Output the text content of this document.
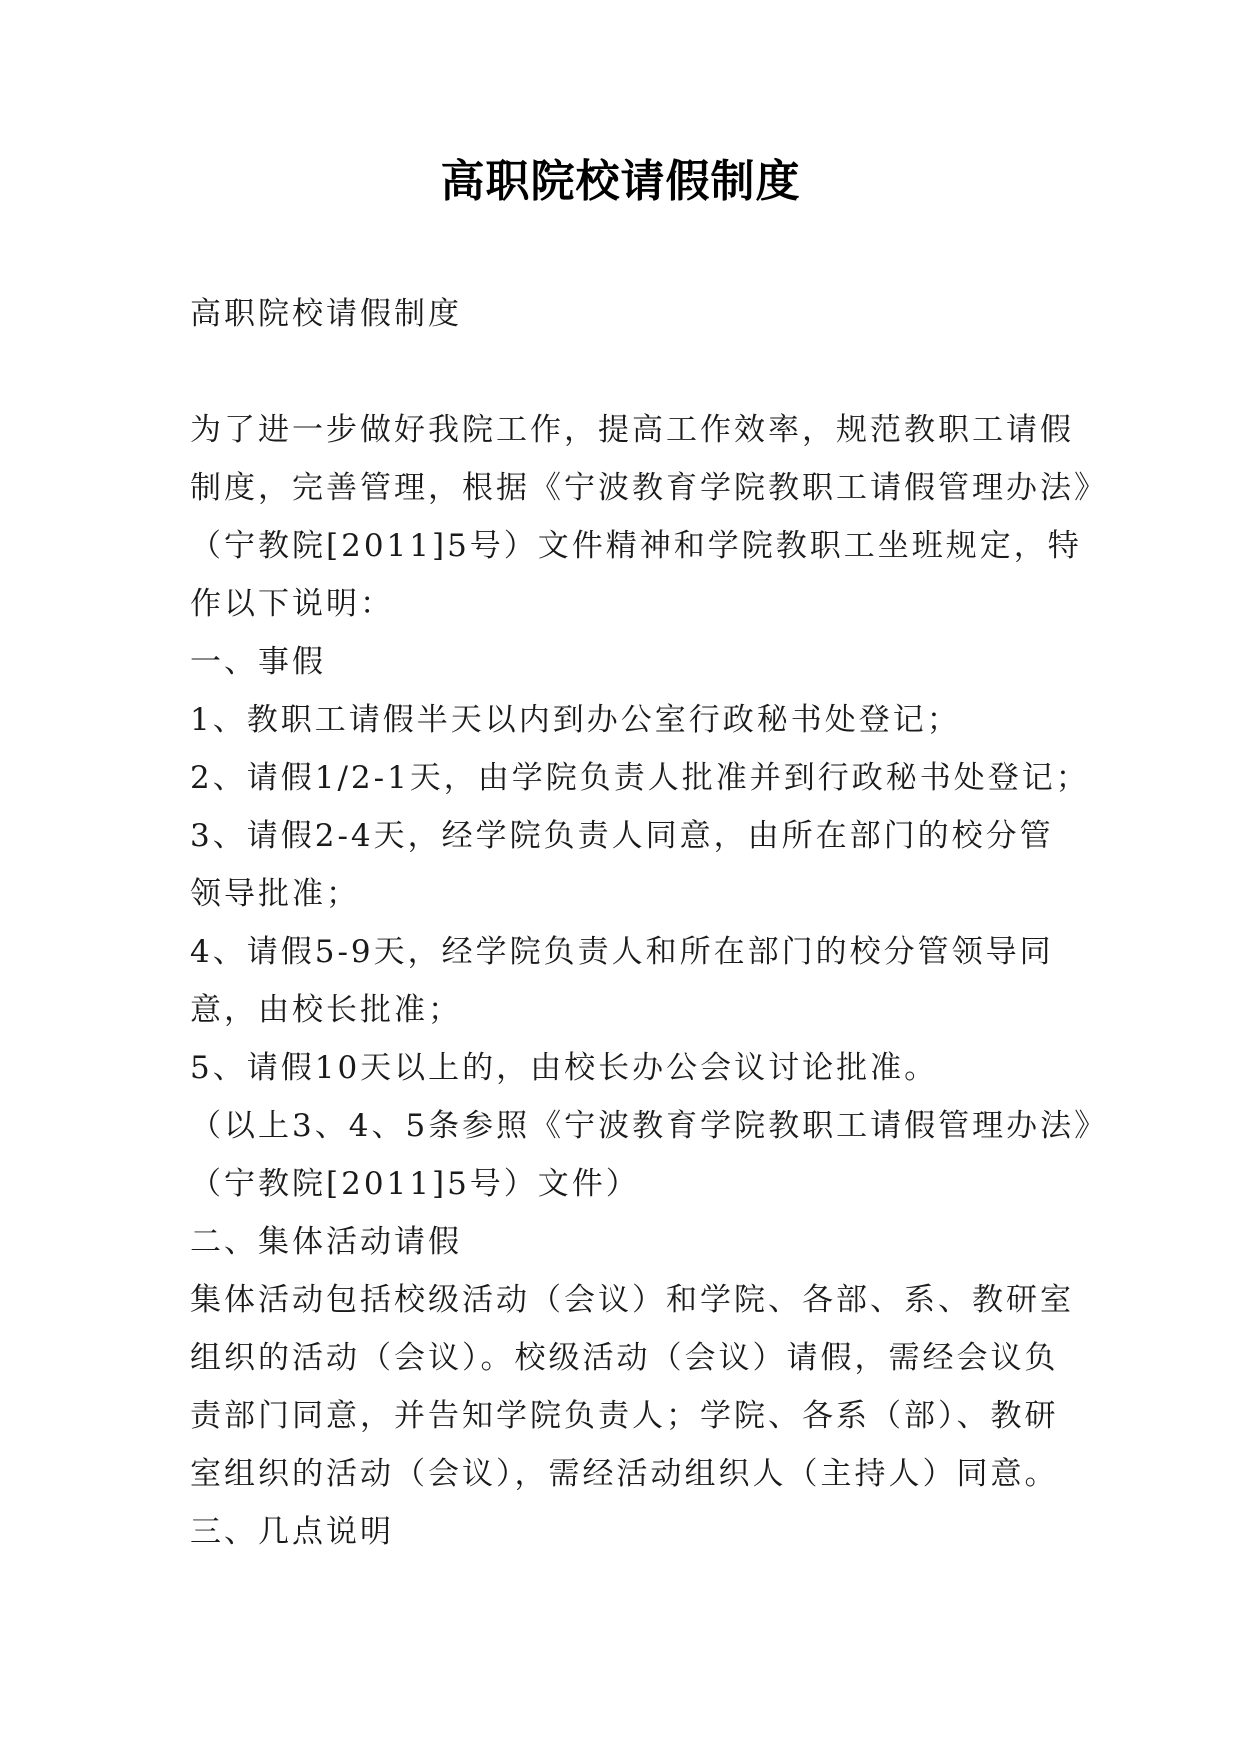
高职院校请假制度
高职院校请假制度
为了进一步做好我院工作，提高工作效率，规范教职工请假
制度，完善管理，根据《宁波教育学院教职工请假管理办法》
（宁教院[2011]5号）文件精神和学院教职工坐班规定，特
作以下说明：
一、事假
1、教职工请假半天以内到办公室行政秘书处登记；
2、请假1/2-1天，由学院负责人批准并到行政秘书处登记；
3、请假2-4天，经学院负责人同意，由所在部门的校分管
领导批准；
4、请假5-9天，经学院负责人和所在部门的校分管领导同
意，由校长批准；
5、请假10天以上的，由校长办公会议讨论批准。
（以上3、4、5条参照《宁波教育学院教职工请假管理办法》
（宁教院[2011]5号）文件）
二、集体活动请假
集体活动包括校级活动（会议）和学院、各部、系、教研室
组织的活动（会议）。校级活动（会议）请假，需经会议负
责部门同意，并告知学院负责人；学院、各系（部）、教研
室组织的活动（会议），需经活动组织人（主持人）同意。
三、几点说明
